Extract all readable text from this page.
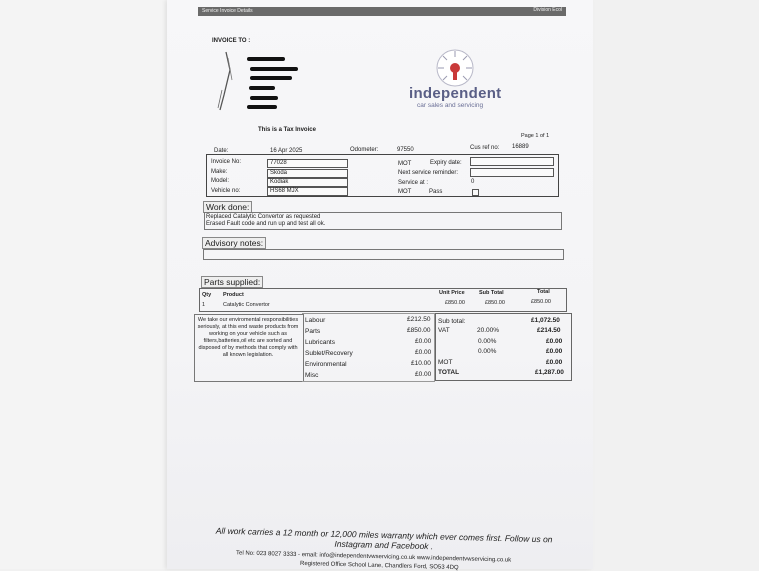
Service Invoice Details	Division Ecol
INVOICE TO :
independent
car sales and servicing
This is a Tax Invoice
Page 1 of 1
Date:	16 Apr 2025	Odometer:	97550	Cus ref no: 16889
Invoice No:	77028
Make:	Skoda
Model:	Kodiak
Vehicle no:	HS68 MJX
MOT	Expiry date:
Next service reminder:
Service at :	0
MOT	Pass
Work done:
Replaced Catalytic Convertor as requested
Erased Fault code and run up and test all ok.
Advisory notes:
Parts supplied:
Qty Product	Unit Price	Sub Total	Total
1	Catalytic Convertor	£850.00	£850.00	£850.00
We take our enviromental responsibilities seriously, at this end waste products from working on your vehicle such as filters,batteries,oil etc are sorted and disposed of by methods that comply with all known legislation.
Labour	£212.50
Parts	£850.00
Lubricants	£0.00
Sublet/Recovery	£0.00
Environmental	£10.00
Misc	£0.00
Sub total:	£1,072.50
VAT	20.00%	£214.50
0.00%	£0.00
0.00%	£0.00
MOT	£0.00
TOTAL	£1,287.00
All work carries a 12 month or 12,000 miles warranty which ever comes first. Follow us on Instagram and Facebook .
Tel No: 023 8027 3333 - email: info@independentvwservicing.co.uk www.independentvwservicing.co.uk
Registered Office School Lane, Chandlers Ford, SO53 4DQ
